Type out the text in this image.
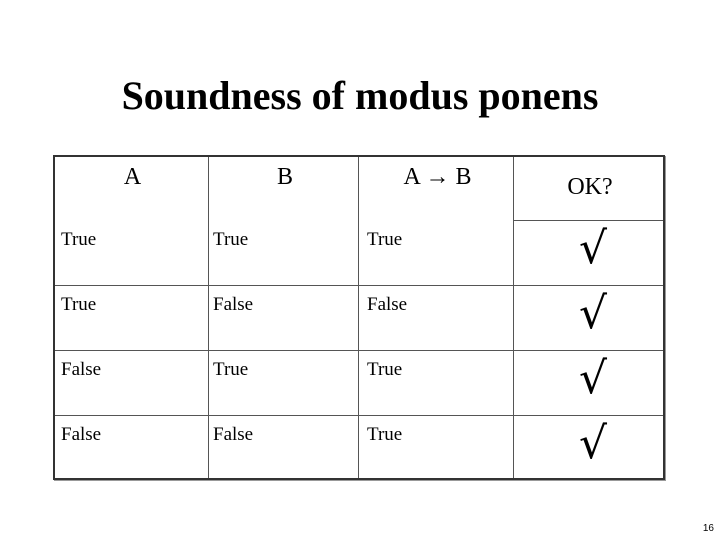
Soundness of modus ponens
A	B	A → B	OK?
True	True	True	√
True	False	False	√
False	True	True	√
False	False	True	√
16
